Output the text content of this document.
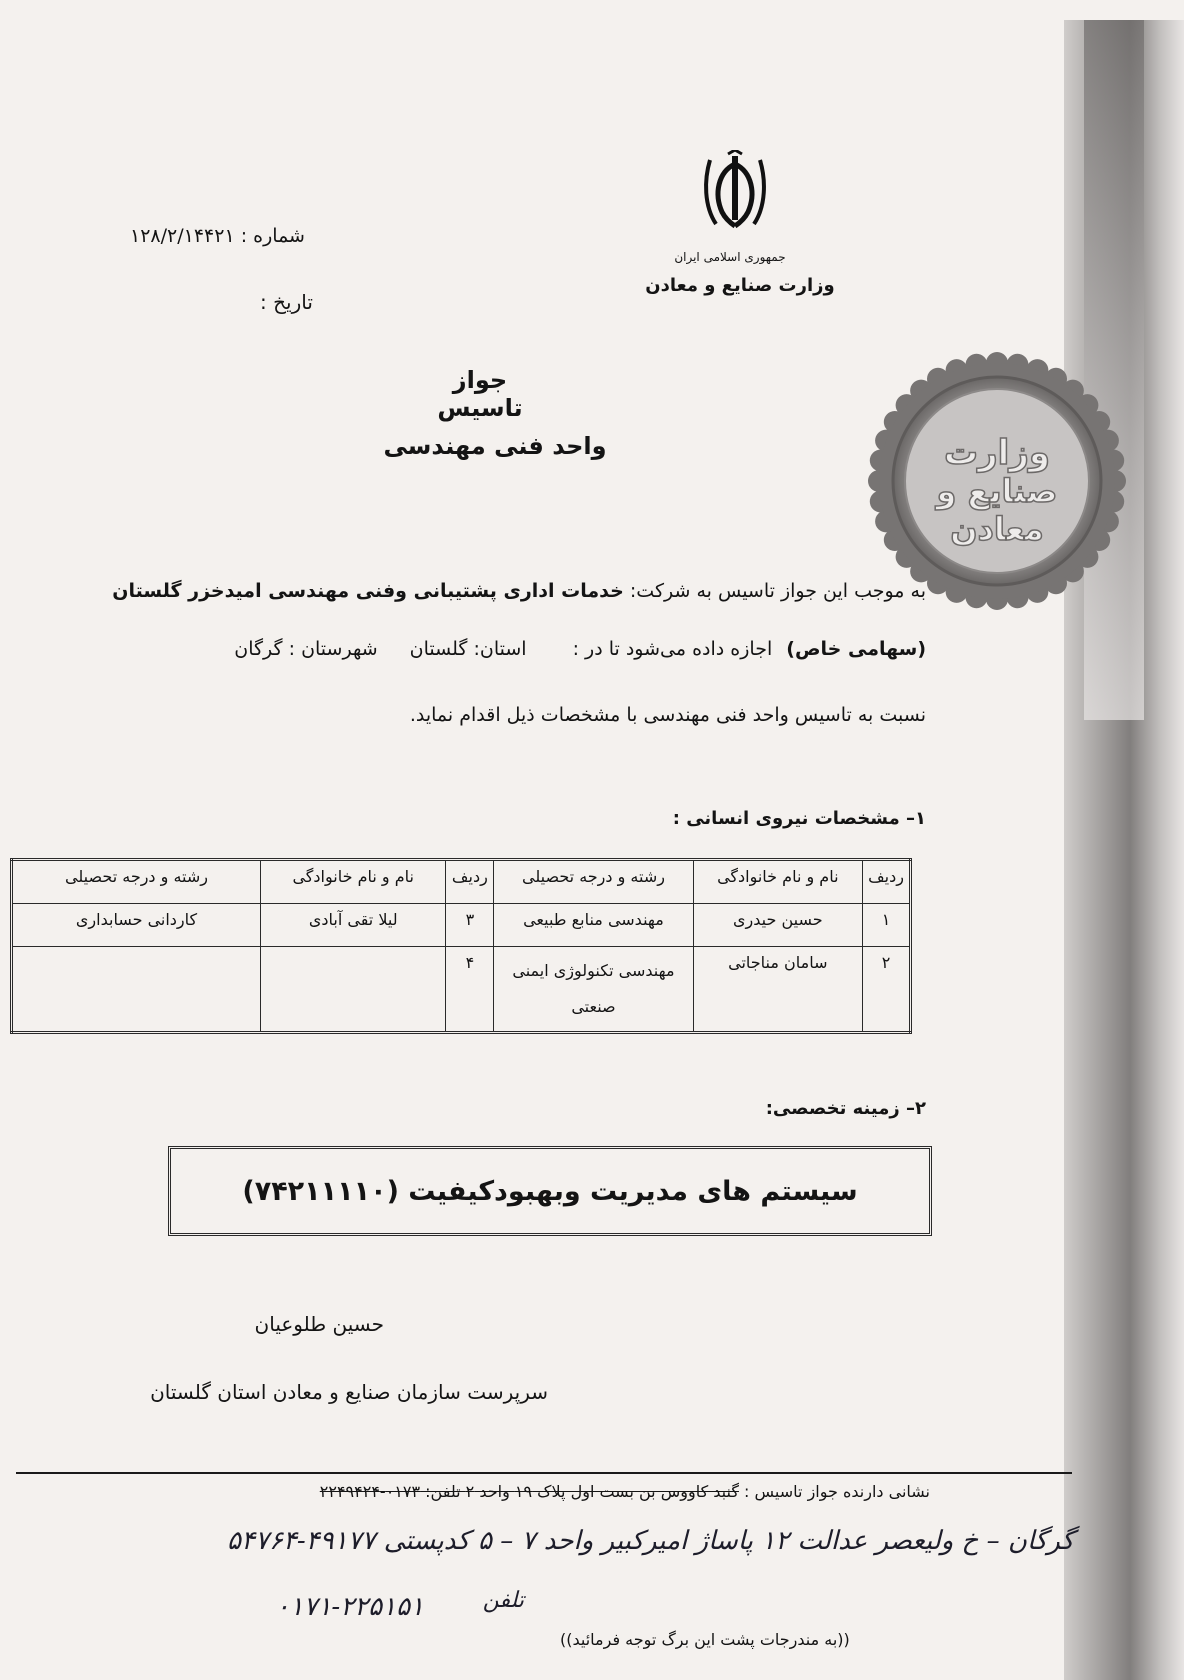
جمهوری اسلامی ایران
وزارت صنایع و معادن
شماره : ۱۲۸/۲/۱۴۴۲۱
تاریخ :
وزارت
صنایع و
معادن
جواز تاسیس
واحد فنی مهندسی
به موجب این جواز تاسیس به شرکت: خدمات اداری پشتیبانی وفنی مهندسی امیدخزر گلستان
(سهامی خاص) اجازه داده می‌شود تا در : استان: گلستان شهرستان : گرگان
نسبت به تاسیس واحد فنی مهندسی با مشخصات ذیل اقدام نماید.
۱– مشخصات نیروی انسانی :
ردیف	نام و نام خانوادگی	رشته و درجه تحصیلی	ردیف	نام و نام خانوادگی	رشته و درجه تحصیلی
۱	حسین حیدری	مهندسی منابع طبیعی	۳	لیلا تقی آبادی	کاردانی حسابداری
۲	سامان مناجاتی	مهندسی تکنولوژی ایمنی صنعتی	۴		
۲– زمینه تخصصی:
سیستم های مدیریت وبهبودکیفیت (۷۴۲۱۱۱۱۰)
حسین طلوعیان
سرپرست سازمان صنایع و معادن استان گلستان
نشانی دارنده جواز تاسیس : گنبد کاووس بن بست اول پلاک ۱۹ واحد ۲ تلفن: ۰۱۷۳-۲۲۴۹۴۲۴
گرگان – خ ولیعصر عدالت ۱۲ پاساژ امیرکبیر واحد ۷ – ۵ کدپستی ۴۹۱۷۷-۵۴۷۶۴
تلفن
۰۱۷۱-۲۲۵۱۵۱
((به مندرجات پشت این برگ توجه فرمائید))
